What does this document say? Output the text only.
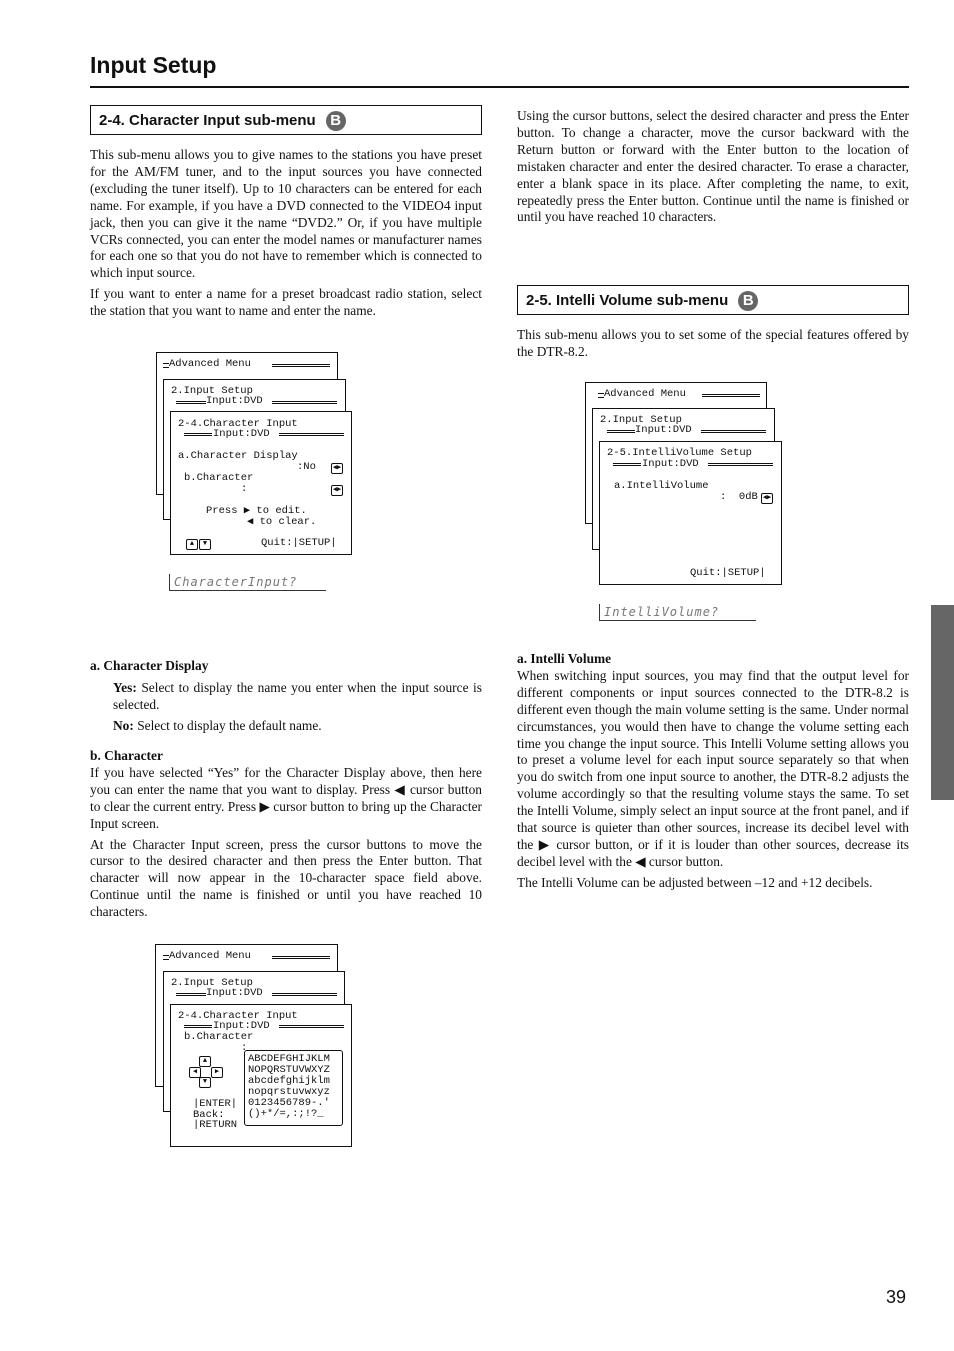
Input Setup
2-4. Character Input sub-menu B

This sub-menu allows you to give names to the stations you have preset for the AM/FM tuner, and to the input sources you have connected (excluding the tuner itself). Up to 10 characters can be entered for each name. For example, if you have a DVD connected to the VIDEO4 input jack, then you can give it the name “DVD2.” Or, if you have multiple VCRs connected, you can enter the model names or manufacturer names for each one so that you do not have to remember which is connected to which input source.

If you want to enter a name for a preset broadcast radio station, select the station that you want to name and enter the name.

Advanced Menu
2.Input Setup
Input:DVD
2-4.Character Input
Input:DVD
a.Character Display
:No ◀▶
b.Character
:	◀▶
Press ▶ to edit.
◀ to clear.
▲	▼	Quit:|SETUP|
CharacterInput?

a. Character Display

Yes: Select to display the name you enter when the input source is selected.

No: Select to display the default name.

b. Character

If you have selected “Yes” for the Character Display above, then here you can enter the name that you want to display. Press ◀ cursor button to clear the current entry. Press ▶ cursor button to bring up the Character Input screen.

At the Character Input screen, press the cursor buttons to move the cursor to the desired character and then press the Enter button. That character will now appear in the 10-character space field above. Continue until the name is finished or until you have reached 10 characters.

Advanced Menu
2.Input Setup
Input:DVD
2-4.Character Input
Input:DVD
b.Character
:
▲
◀	▶
▼
|ENTER|
Back:
|RETURN
ABCDEFGHIJKLM
NOPQRSTUVWXYZ
abcdefghijklm
nopqrstuvwxyz
0123456789-.'
()+*/=,:;!?_

Using the cursor buttons, select the desired character and press the Enter button. To change a character, move the cursor backward with the Return button or forward with the Enter button to the location of mistaken character and enter the desired character. To erase a character, enter a blank space in its place. After completing the name, to exit, repeatedly press the Enter button. Continue until the name is finished or until you have reached 10 characters.

2-5. Intelli Volume sub-menu B

This sub-menu allows you to set some of the special features offered by the DTR-8.2.

Advanced Menu
2.Input Setup
Input:DVD
2-5.IntelliVolume Setup
Input:DVD
a.IntelliVolume
:  0dB ◀▶
Quit:|SETUP|
IntelliVolume?

a. Intelli Volume

When switching input sources, you may find that the output level for different components or input sources connected to the DTR-8.2 is different even though the main volume setting is the same. Under normal circumstances, you would then have to change the volume setting each time you change the input source. This Intelli Volume setting allows you to preset a volume level for each input source separately so that when you do switch from one input source to another, the DTR-8.2 adjusts the volume accordingly so that the resulting volume stays the same. To set the Intelli Volume, simply select an input source at the front panel, and if that source is quieter than other sources, increase its decibel level with the ▶ cursor button, or if it is louder than other sources, decrease its decibel level with the ◀ cursor button.

The Intelli Volume can be adjusted between –12 and +12 decibels.

39
